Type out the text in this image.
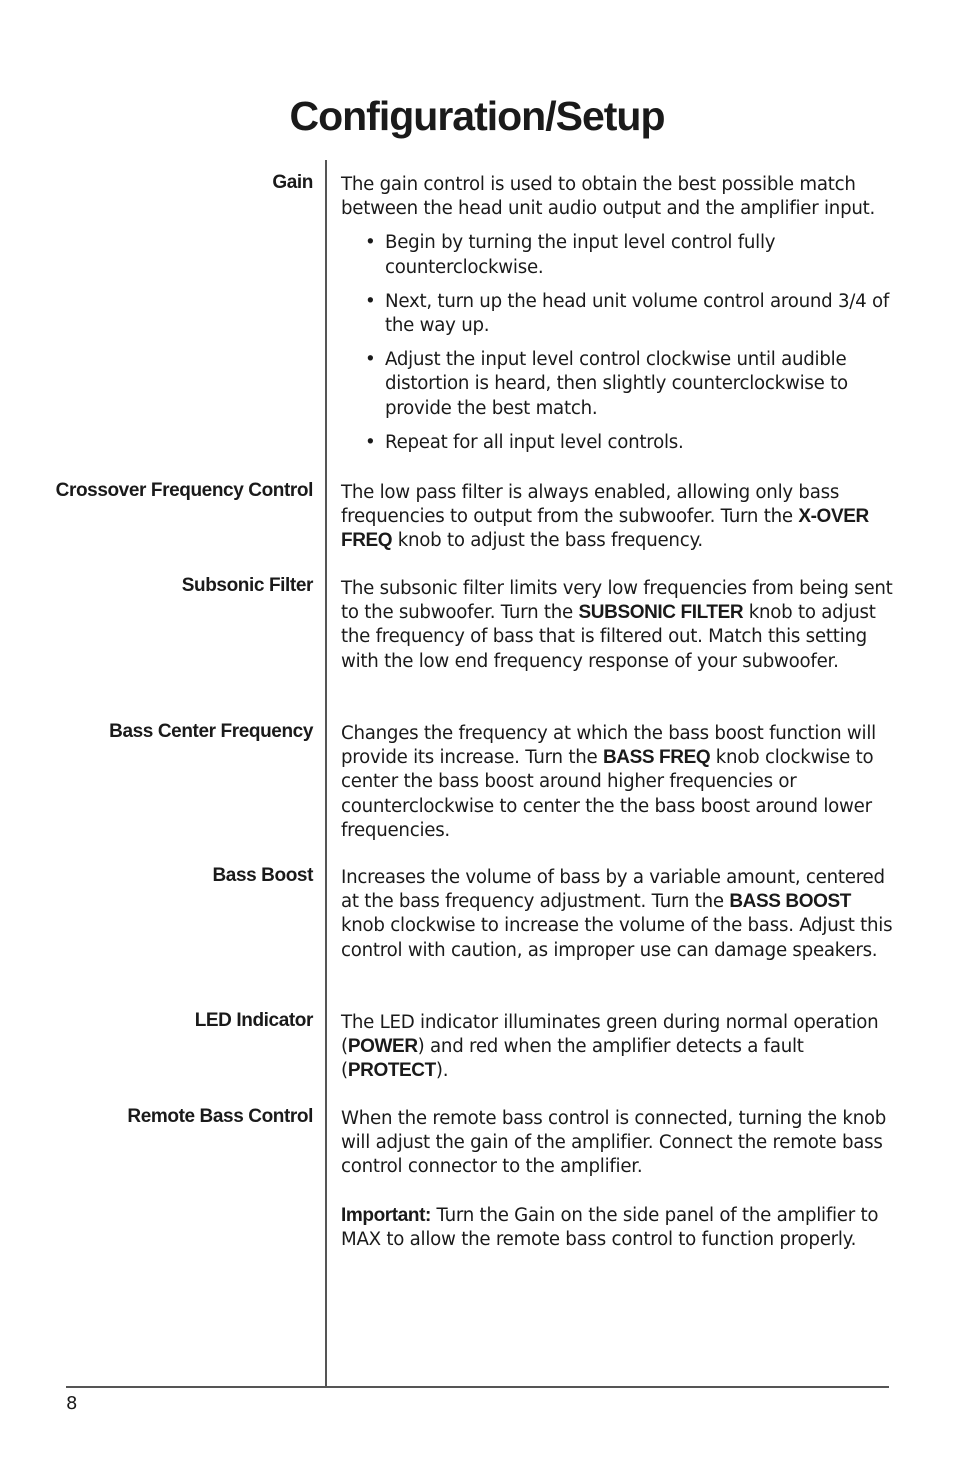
Configuration/Setup
Gain The gain control is used to obtain the best possible match between the head unit audio output and the amplifier input.

• Begin by turning the input level control fully counterclockwise.
• Next, turn up the head unit volume control around 3/4 of the way up.
• Adjust the input level control clockwise until audible distortion is heard, then slightly counterclockwise to provide the best match.
• Repeat for all input level controls.
Crossover Frequency Control The low pass filter is always enabled, allowing only bass frequencies to output from the subwoofer. Turn the X-OVER FREQ knob to adjust the bass frequency.

Subsonic Filter The subsonic filter limits very low frequencies from being sent to the subwoofer. Turn the SUBSONIC FILTER knob to adjust the frequency of bass that is filtered out. Match this setting with the low end frequency response of your subwoofer.

Bass Center Frequency Changes the frequency at which the bass boost function will provide its increase. Turn the BASS FREQ knob clockwise to center the bass boost around higher frequencies or counterclockwise to center the the bass boost around lower frequencies.

Bass Boost Increases the volume of bass by a variable amount, centered at the bass frequency adjustment. Turn the BASS BOOST knob clockwise to increase the volume of the bass. Adjust this control with caution, as improper use can damage speakers.

LED Indicator The LED indicator illuminates green during normal operation (POWER) and red when the amplifier detects a fault (PROTECT).

Remote Bass Control When the remote bass control is connected, turning the knob will adjust the gain of the amplifier. Connect the remote bass control connector to the amplifier.

Important: Turn the Gain on the side panel of the amplifier to MAX to allow the remote bass control to function properly.

8
